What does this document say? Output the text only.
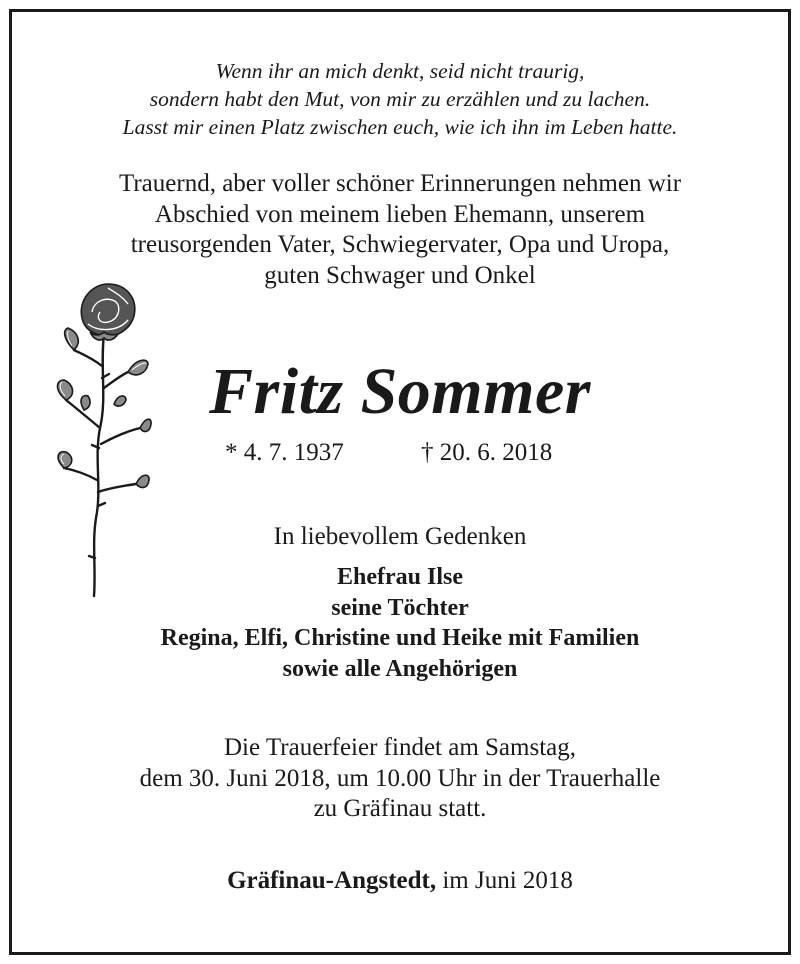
Wenn ihr an mich denkt, seid nicht traurig,
sondern habt den Mut, von mir zu erzählen und zu lachen.
Lasst mir einen Platz zwischen euch, wie ich ihn im Leben hatte.
Trauernd, aber voller schöner Erinnerungen nehmen wir
Abschied von meinem lieben Ehemann, unserem
treusorgenden Vater, Schwiegervater, Opa und Uropa,
guten Schwager und Onkel
Fritz Sommer
* 4. 7. 1937	† 20. 6. 2018
In liebevollem Gedenken
Ehefrau Ilse
seine Töchter
Regina, Elfi, Christine und Heike mit Familien
sowie alle Angehörigen
Die Trauerfeier findet am Samstag,
dem 30. Juni 2018, um 10.00 Uhr in der Trauerhalle
zu Gräfinau statt.
Gräfinau-Angstedt, im Juni 2018
